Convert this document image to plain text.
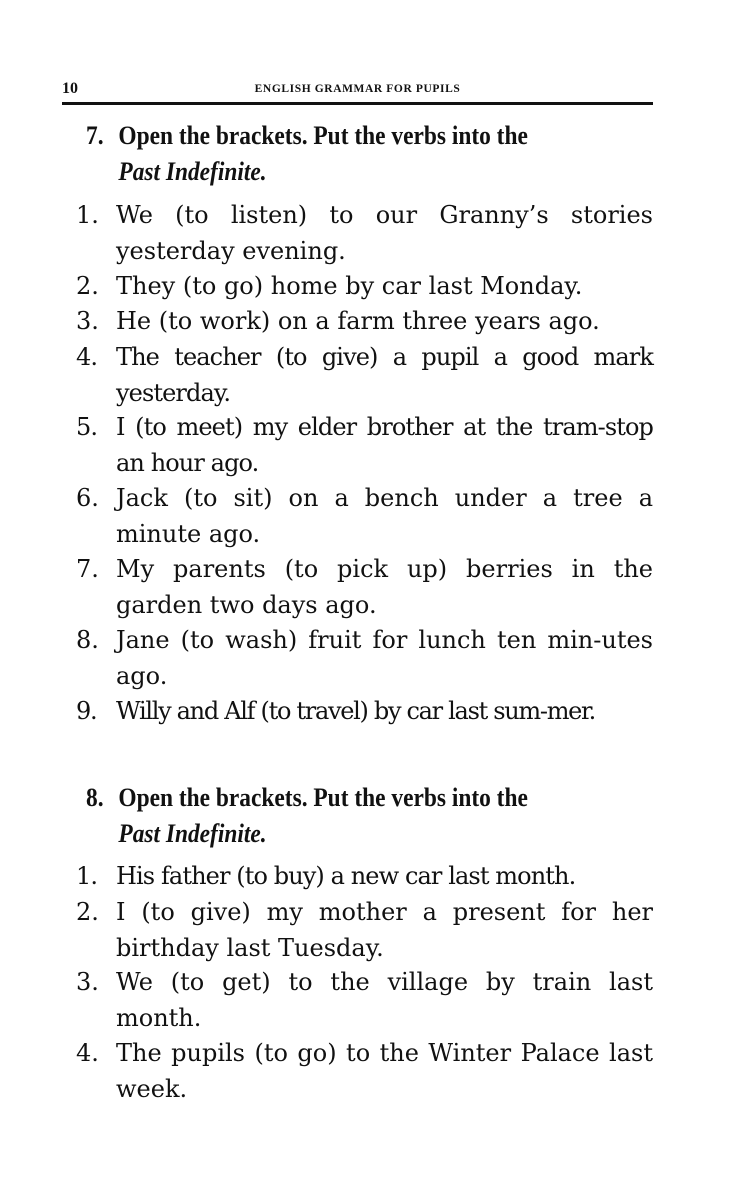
10	ENGLISH GRAMMAR FOR PUPILS
7. Open the brackets. Put the verbs into the
Past Indefinite.
1. We (to listen) to our Granny’s stories yesterday evening.
2. They (to go) home by car last Monday.
3. He (to work) on a farm three years ago.
4. The teacher (to give) a pupil a good mark yesterday.
5. I (to meet) my elder brother at the tram-stop an hour ago.
6. Jack (to sit) on a bench under a tree a minute ago.
7. My parents (to pick up) berries in the garden two days ago.
8. Jane (to wash) fruit for lunch ten min-utes ago.
9. Willy and Alf (to travel) by car last sum-mer.
8. Open the brackets. Put the verbs into the
Past Indefinite.
1. His father (to buy) a new car last month.
2. I (to give) my mother a present for her birthday last Tuesday.
3. We (to get) to the village by train last month.
4. The pupils (to go) to the Winter Palace last week.
